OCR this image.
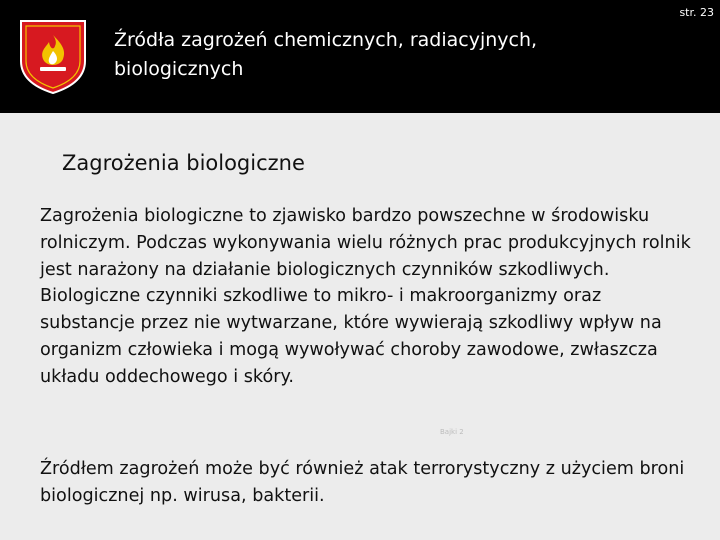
str. 23
Źródła zagrożeń chemicznych, radiacyjnych, biologicznych
Zagrożenia biologiczne

Zagrożenia biologiczne to zjawisko bardzo powszechne w środowisku rolniczym. Podczas wykonywania wielu różnych prac produkcyjnych rolnik jest narażony na działanie biologicznych czynników szkodliwych.

Biologiczne czynniki szkodliwe to mikro- i makroorganizmy oraz substancje przez nie wytwarzane, które wywierają szkodliwy wpływ na organizm człowieka i mogą wywoływać choroby zawodowe, zwłaszcza układu oddechowego i skóry.

Bajki 2
Źródłem zagrożeń może być również atak terrorystyczny z użyciem broni biologicznej np. wirusa, bakterii.
